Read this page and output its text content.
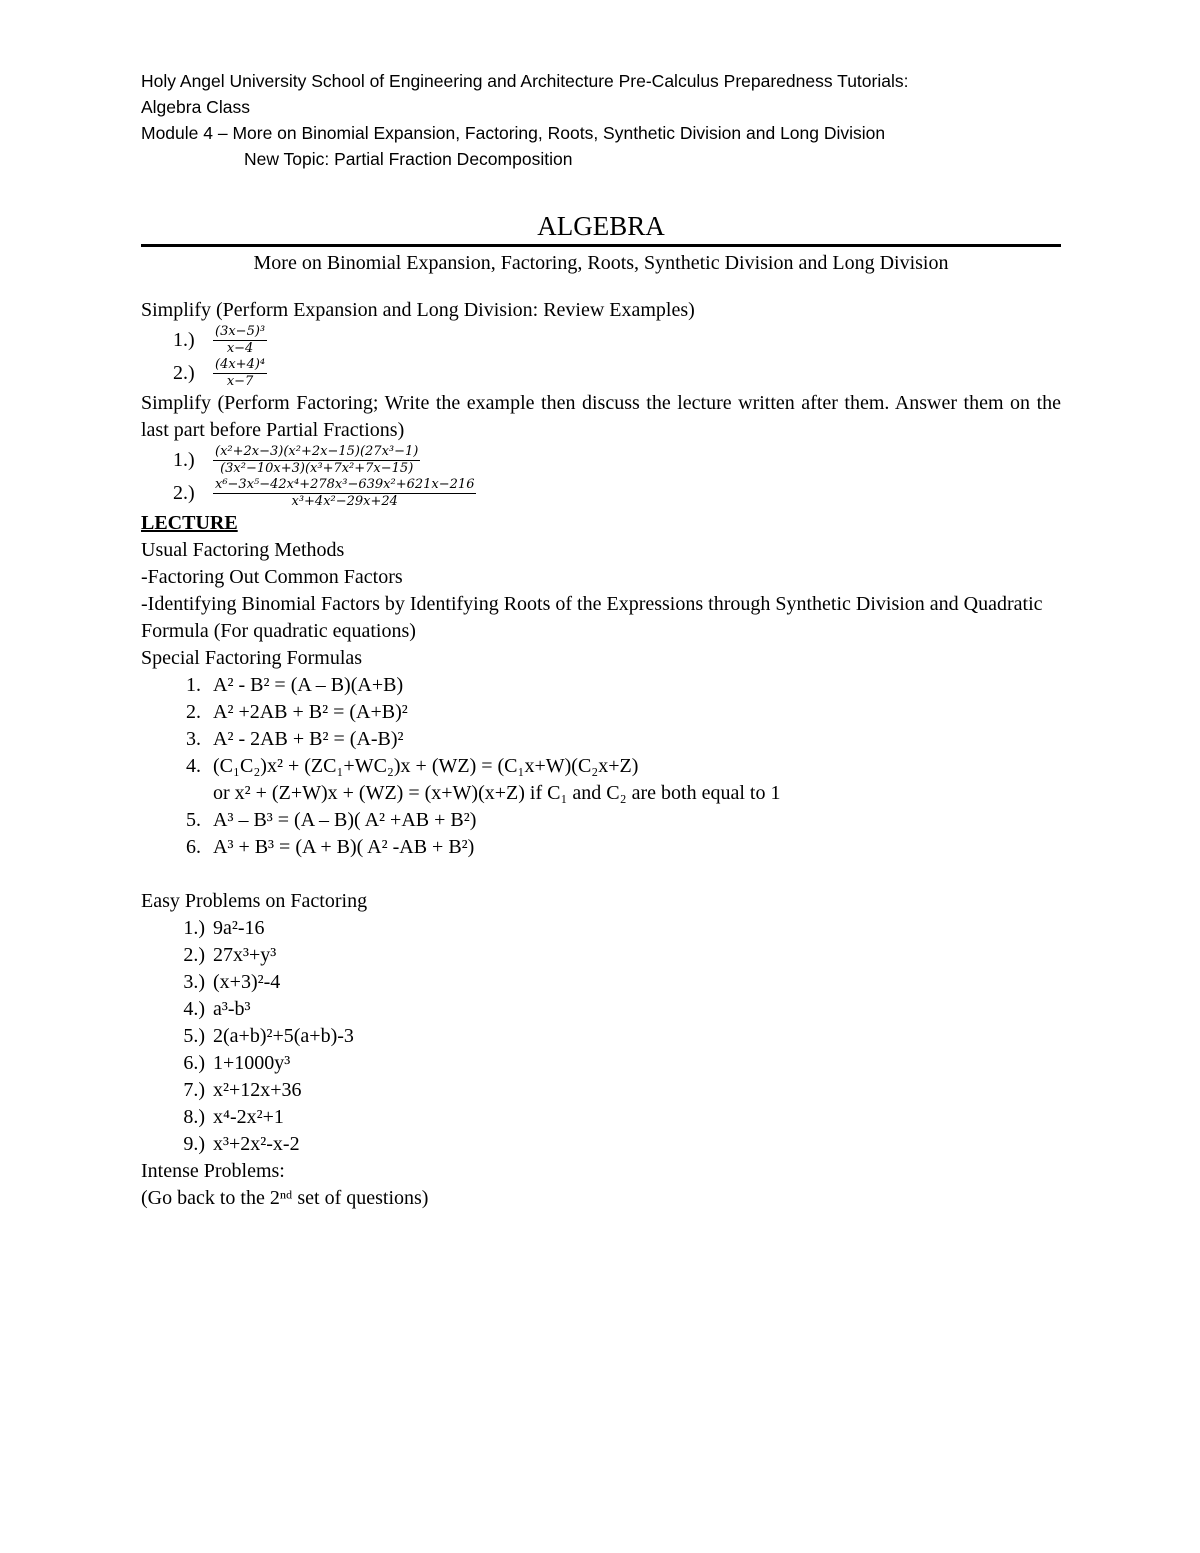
Holy Angel University School of Engineering and Architecture Pre-Calculus Preparedness Tutorials:
Algebra Class
Module 4 – More on Binomial Expansion, Factoring, Roots, Synthetic Division and Long Division
New Topic: Partial Fraction Decomposition
ALGEBRA
More on Binomial Expansion, Factoring, Roots, Synthetic Division and Long Division
Simplify (Perform Expansion and Long Division: Review Examples)
1.)	$\frac{\text{(3x−5)³}}{x-4}$
2.)	$\frac{\text{(4x+4)⁴}}{x-7}$
Simplify (Perform Factoring; Write the example then discuss the lecture written after them. Answer them on the last part before Partial Fractions)
1.)	$\frac{\text{(x²+2x−3)(x²+2x−15)(27x³−1)}}{\text{(3x²−10x+3)(x³+7x²+7x−15)}}$
2.)	$\frac{\text{x⁶−3x⁵−42x⁴+278x³−639x²+621x−216}}{\text{x³+4x²−29x+24}}$
LECTURE
Usual Factoring Methods
-Factoring Out Common Factors
-Identifying Binomial Factors by Identifying Roots of the Expressions through Synthetic Division and Quadratic Formula (For quadratic equations)
Special Factoring Formulas
1. A² - B² = (A – B)(A+B)
2. A² +2AB + B² = (A+B)²
3. A² - 2AB + B² = (A-B)²
4. (C₁C₂)x² + (ZC₁+WC₂)x + (WZ) = (C₁x+W)(C₂x+Z)
or x² + (Z+W)x + (WZ) = (x+W)(x+Z) if C₁ and C₂ are both equal to 1
5. A³ – B³ = (A – B)( A² +AB + B²)
6. A³ + B³ = (A + B)( A² -AB + B²)
Easy Problems on Factoring
1.) 9a²-16
2.) 27x³+y³
3.) (x+3)²-4
4.) a³-b³
5.) 2(a+b)²+5(a+b)-3
6.) 1+1000y³
7.) x²+12x+36
8.) x⁴-2x²+1
9.) x³+2x²-x-2
Intense Problems:
(Go back to the 2ⁿᵈ set of questions)
